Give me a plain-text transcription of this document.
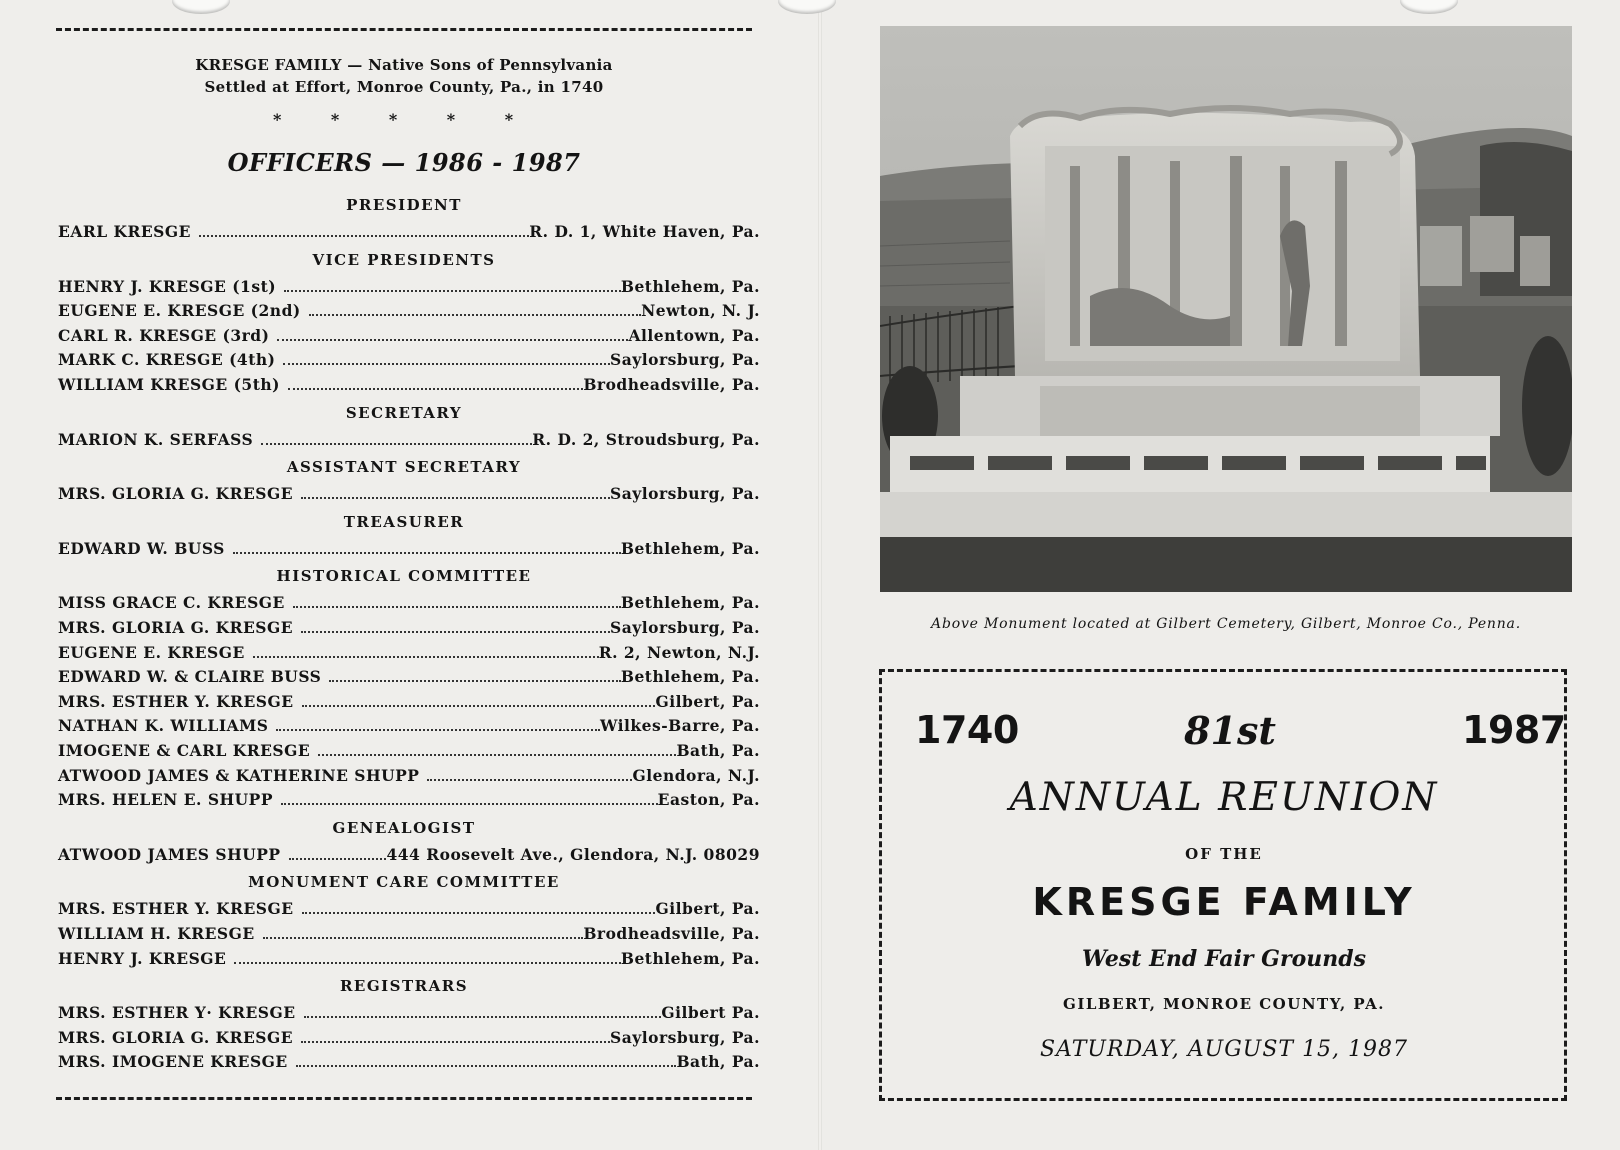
KRESGE FAMILY — Native Sons of Pennsylvania
Settled at Effort, Monroe County, Pa., in 1740
* * * * *
OFFICERS — 1986 - 1987
PRESIDENT
EARL KRESGE	R. D. 1, White Haven, Pa.
VICE PRESIDENTS
HENRY J. KRESGE (1st)	Bethlehem, Pa.
EUGENE E. KRESGE (2nd)	Newton, N. J.
CARL R. KRESGE (3rd)	Allentown, Pa.
MARK C. KRESGE (4th)	Saylorsburg, Pa.
WILLIAM KRESGE (5th)	Brodheadsville, Pa.
SECRETARY
MARION K. SERFASS	R. D. 2, Stroudsburg, Pa.
ASSISTANT SECRETARY
MRS. GLORIA G. KRESGE	Saylorsburg, Pa.
TREASURER
EDWARD W. BUSS	Bethlehem, Pa.
HISTORICAL COMMITTEE
MISS GRACE C. KRESGE	Bethlehem, Pa.
MRS. GLORIA G. KRESGE	Saylorsburg, Pa.
EUGENE E. KRESGE	R. 2, Newton, N.J.
EDWARD W. & CLAIRE BUSS	Bethlehem, Pa.
MRS. ESTHER Y. KRESGE	Gilbert, Pa.
NATHAN K. WILLIAMS	Wilkes-Barre, Pa.
IMOGENE & CARL KRESGE	Bath, Pa.
ATWOOD JAMES & KATHERINE SHUPP	Glendora, N.J.
MRS. HELEN E. SHUPP	Easton, Pa.
GENEALOGIST
ATWOOD JAMES SHUPP	444 Roosevelt Ave., Glendora, N.J. 08029
MONUMENT CARE COMMITTEE
MRS. ESTHER Y. KRESGE	Gilbert, Pa.
WILLIAM H. KRESGE	Brodheadsville, Pa.
HENRY J. KRESGE	Bethlehem, Pa.
REGISTRARS
MRS. ESTHER Y· KRESGE	Gilbert Pa.
MRS. GLORIA G. KRESGE	Saylorsburg, Pa.
MRS. IMOGENE KRESGE	Bath, Pa.
Above Monument located at Gilbert Cemetery, Gilbert, Monroe Co., Penna.
1740	81st	1987
ANNUAL REUNION
OF THE
KRESGE FAMILY
West End Fair Grounds
GILBERT, MONROE COUNTY, PA.
SATURDAY, AUGUST 15, 1987
